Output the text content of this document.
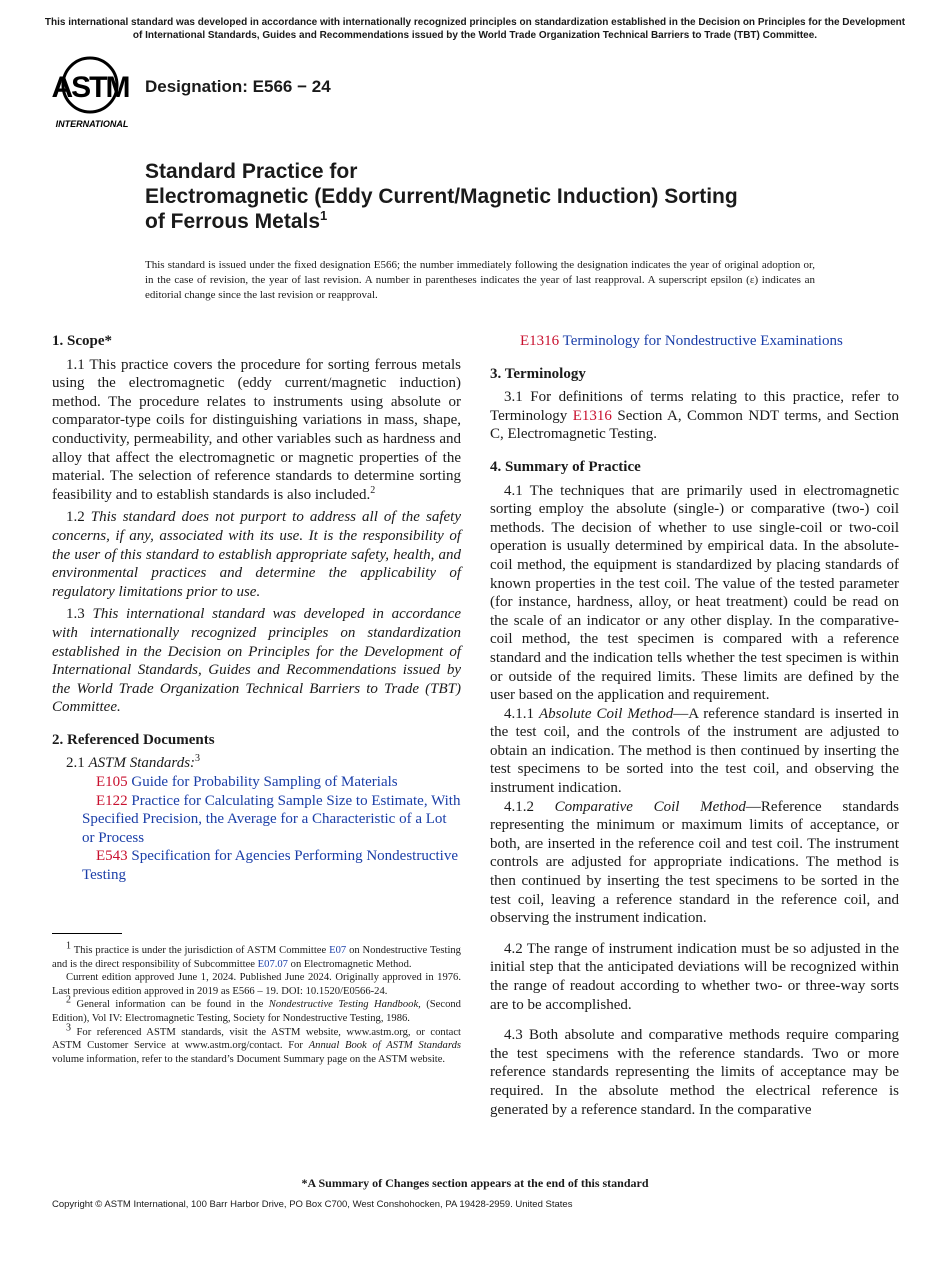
This international standard was developed in accordance with internationally recognized principles on standardization established in the Decision on Principles for the Development of International Standards, Guides and Recommendations issued by the World Trade Organization Technical Barriers to Trade (TBT) Committee.
ASTM
INTERNATIONAL
Designation: E566 − 24
Standard Practice for
Electromagnetic (Eddy Current/Magnetic Induction) Sorting
of Ferrous Metals$^1$
This standard is issued under the fixed designation E566; the number immediately following the designation indicates the year of original adoption or, in the case of revision, the year of last revision. A number in parentheses indicates the year of last reapproval. A superscript epsilon (ε) indicates an editorial change since the last revision or reapproval.
1. Scope*

1.1 This practice covers the procedure for sorting ferrous metals using the electromagnetic (eddy current/magnetic induction) method. The procedure relates to instruments using absolute or comparator-type coils for distinguishing variations in mass, shape, conductivity, permeability, and other variables such as hardness and alloy that affect the electromagnetic or magnetic properties of the material. The selection of reference standards to determine sorting feasibility and to establish standards is also included.$^2$

1.2 This standard does not purport to address all of the safety concerns, if any, associated with its use. It is the responsibility of the user of this standard to establish appropriate safety, health, and environmental practices and determine the applicability of regulatory limitations prior to use.

1.3 This international standard was developed in accordance with internationally recognized principles on standardization established in the Decision on Principles for the Development of International Standards, Guides and Recommendations issued by the World Trade Organization Technical Barriers to Trade (TBT) Committee.

2. Referenced Documents

2.1 ASTM Standards:$^3$

E105 Guide for Probability Sampling of Materials

E122 Practice for Calculating Sample Size to Estimate, With Specified Precision, the Average for a Characteristic of a Lot or Process

E543 Specification for Agencies Performing Nondestructive Testing

$^1$ This practice is under the jurisdiction of ASTM Committee E07 on Nondestructive Testing and is the direct responsibility of Subcommittee E07.07 on Electromagnetic Method.

Current edition approved June 1, 2024. Published June 2024. Originally approved in 1976. Last previous edition approved in 2019 as E566 – 19. DOI: 10.1520/E0566-24.

$^2$ General information can be found in the Nondestructive Testing Handbook, (Second Edition), Vol IV: Electromagnetic Testing, Society for Nondestructive Testing, 1986.

$^3$ For referenced ASTM standards, visit the ASTM website, www.astm.org, or contact ASTM Customer Service at www.astm.org/contact. For Annual Book of ASTM Standards volume information, refer to the standard’s Document Summary page on the ASTM website.

E1316 Terminology for Nondestructive Examinations

3. Terminology

3.1 For definitions of terms relating to this practice, refer to Terminology E1316 Section A, Common NDT terms, and Section C, Electromagnetic Testing.

4. Summary of Practice

4.1 The techniques that are primarily used in electromagnetic sorting employ the absolute (single-) or comparative (two-) coil methods. The decision of whether to use single-coil or two-coil operation is usually determined by empirical data. In the absolute-coil method, the equipment is standardized by placing standards of known properties in the test coil. The value of the tested parameter (for instance, hardness, alloy, or heat treatment) could be read on the scale of an indicator or any other display. In the comparative-coil method, the test specimen is compared with a reference standard and the indication tells whether the test specimen is within or outside of the required limits. These limits are defined by the user based on the application and requirement.

4.1.1 Absolute Coil Method—A reference standard is inserted in the test coil, and the controls of the instrument are adjusted to obtain an indication. The method is then continued by inserting the test specimens to be sorted into the test coil, and observing the instrument indication.

4.1.2 Comparative Coil Method—Reference standards representing the minimum or maximum limits of acceptance, or both, are inserted in the reference coil and test coil. The instrument controls are adjusted for appropriate indications. The method is then continued by inserting the test specimens to be sorted in the test coil, leaving a reference standard in the reference coil, and observing the instrument indication.

4.2 The range of instrument indication must be so adjusted in the initial step that the anticipated deviations will be recognized within the range of readout according to whether two- or three-way sorts are to be accomplished.

4.3 Both absolute and comparative methods require comparing the test specimens with the reference standards. Two or more reference standards representing the limits of acceptance may be required. In the absolute method the electrical reference is generated by a reference standard. In the comparative

*A Summary of Changes section appears at the end of this standard
Copyright © ASTM International, 100 Barr Harbor Drive, PO Box C700, West Conshohocken, PA 19428-2959. United States
